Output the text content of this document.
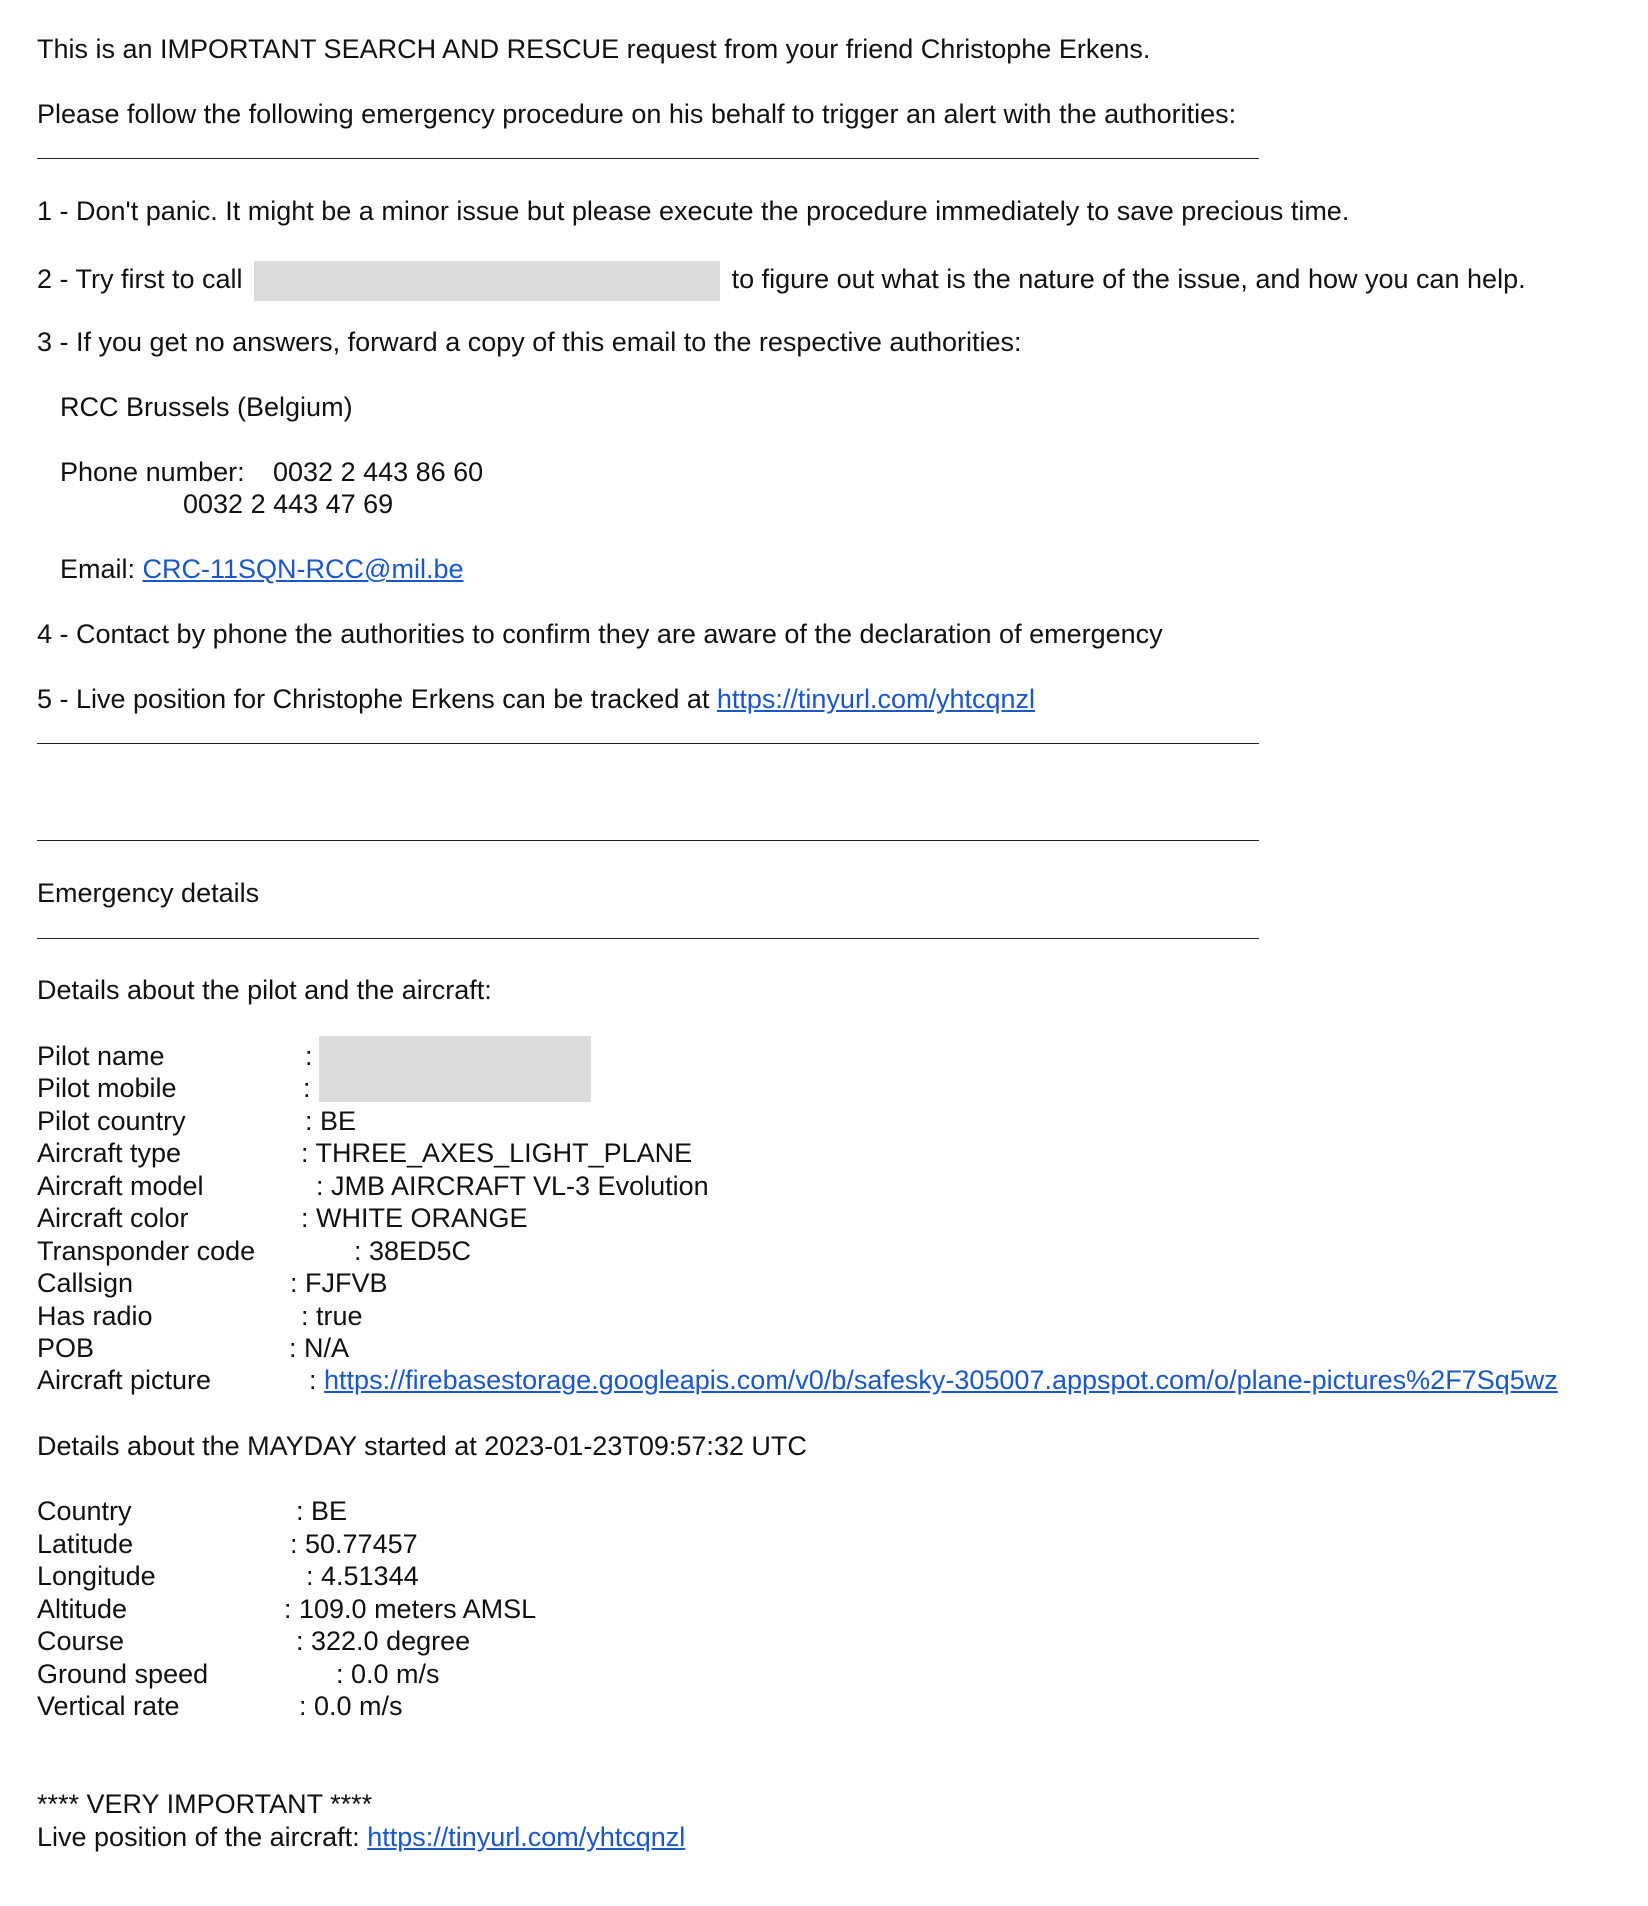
This is an IMPORTANT SEARCH AND RESCUE request from your friend Christophe Erkens.
Please follow the following emergency procedure on his behalf to trigger an alert with the authorities:
1 - Don't panic. It might be a minor issue but please execute the procedure immediately to save precious time.
2 - Try first to call	to figure out what is the nature of the issue, and how you can help.
3 - If you get no answers, forward a copy of this email to the respective authorities:
RCC Brussels (Belgium)
Phone number: 0032 2 443 86 60
0032 2 443 47 69
Email: CRC-11SQN-RCC@mil.be
4 - Contact by phone the authorities to confirm they are aware of the declaration of emergency
5 - Live position for Christophe Erkens can be tracked at https://tinyurl.com/yhtcqnzl
Emergency details
Details about the pilot and the aircraft:
Pilot name	:
Pilot mobile	:
Pilot country	: BE
Aircraft type	: THREE_AXES_LIGHT_PLANE
Aircraft model	: JMB AIRCRAFT VL-3 Evolution
Aircraft color	: WHITE ORANGE
Transponder code	: 38ED5C
Callsign	: FJFVB
Has radio	: true
POB	: N/A
Aircraft picture	: https://firebasestorage.googleapis.com/v0/b/safesky-305007.appspot.com/o/plane-pictures%2F7Sq5wz
Details about the MAYDAY started at 2023-01-23T09:57:32 UTC
Country	: BE
Latitude	: 50.77457
Longitude	: 4.51344
Altitude	: 109.0 meters AMSL
Course	: 322.0 degree
Ground speed	: 0.0 m/s
Vertical rate	: 0.0 m/s
**** VERY IMPORTANT ****
Live position of the aircraft: https://tinyurl.com/yhtcqnzl
